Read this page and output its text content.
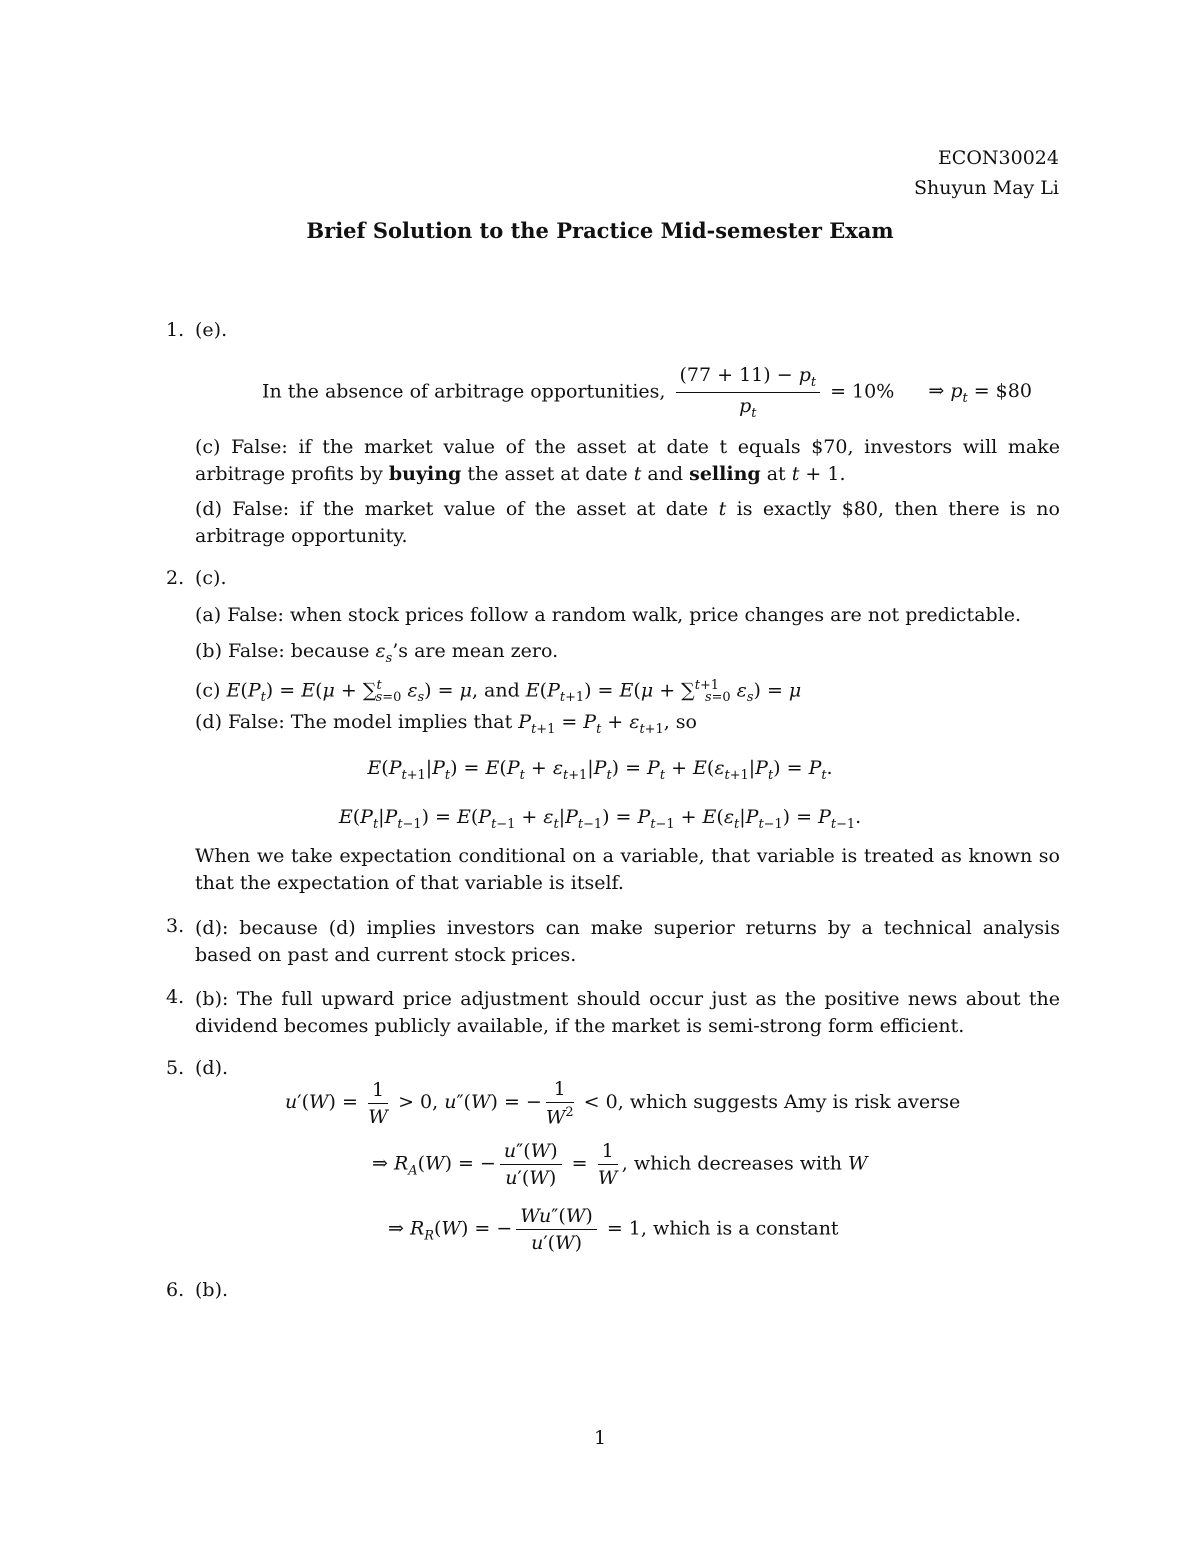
ECON30024
Shuyun May Li
Brief Solution to the Practice Mid-semester Exam
1. (e).
In the absence of arbitrage opportunities, $\frac{(77 + 11) - p_t}{p_t} = 10\%$ ⇒ $p_t$ = $80
(c) False: if the market value of the asset at date t equals $70, investors will make arbitrage profits by buying the asset at date t and selling at t + 1.
(d) False: if the market value of the asset at date t is exactly $80, then there is no arbitrage opportunity.
2. (c).
(a) False: when stock prices follow a random walk, price changes are not predictable.
(b) False: because $\varepsilon_s’s$ are mean zero.
(c) $E(P_t) = E(\mu + \sum^t_{s=0}$ $\varepsilon_s) = \mu$, and $E(P_{t+1}) = E(\mu + \sum^{t+1}_{s=0}$ $\varepsilon_s) = \mu$
(d) False: The model implies that $P_{t+1} = P_t + \varepsilon_{t+1}$, so
$E(P_{t+1}|P_t) = E(P_t + \varepsilon_{t+1}|P_t) = P_t + E(\varepsilon_{t+1}|P_t) = P_t$.
$E(P_t|P_{t-1}) = E(P_{t-1} + \varepsilon_t|P_{t-1}) = P_{t-1} + E(\varepsilon_t|P_{t-1}) = P_{t-1}$.
When we take expectation conditional on a variable, that variable is treated as known so that the expectation of that variable is itself.
3. (d): because (d) implies investors can make superior returns by a technical analysis based on past and current stock prices.
4. (b): The full upward price adjustment should occur just as the positive news about the dividend becomes publicly available, if the market is semi-strong form efficient.
5. (d).
$u'(W) = \frac{1}{W} > 0$, u″(W) = − $\frac{1}{W^2} < 0$, which suggests Amy is risk averse
⇒ $R_A(W)$ = − $\frac{u''(W)}{u'(W)} = \frac{1}{W}$ , which decreases with W
⇒ $R_R(W)$ = − $\frac{Wu''(W)}{u'(W)} = 1$, which is a constant
6. (b).
1
